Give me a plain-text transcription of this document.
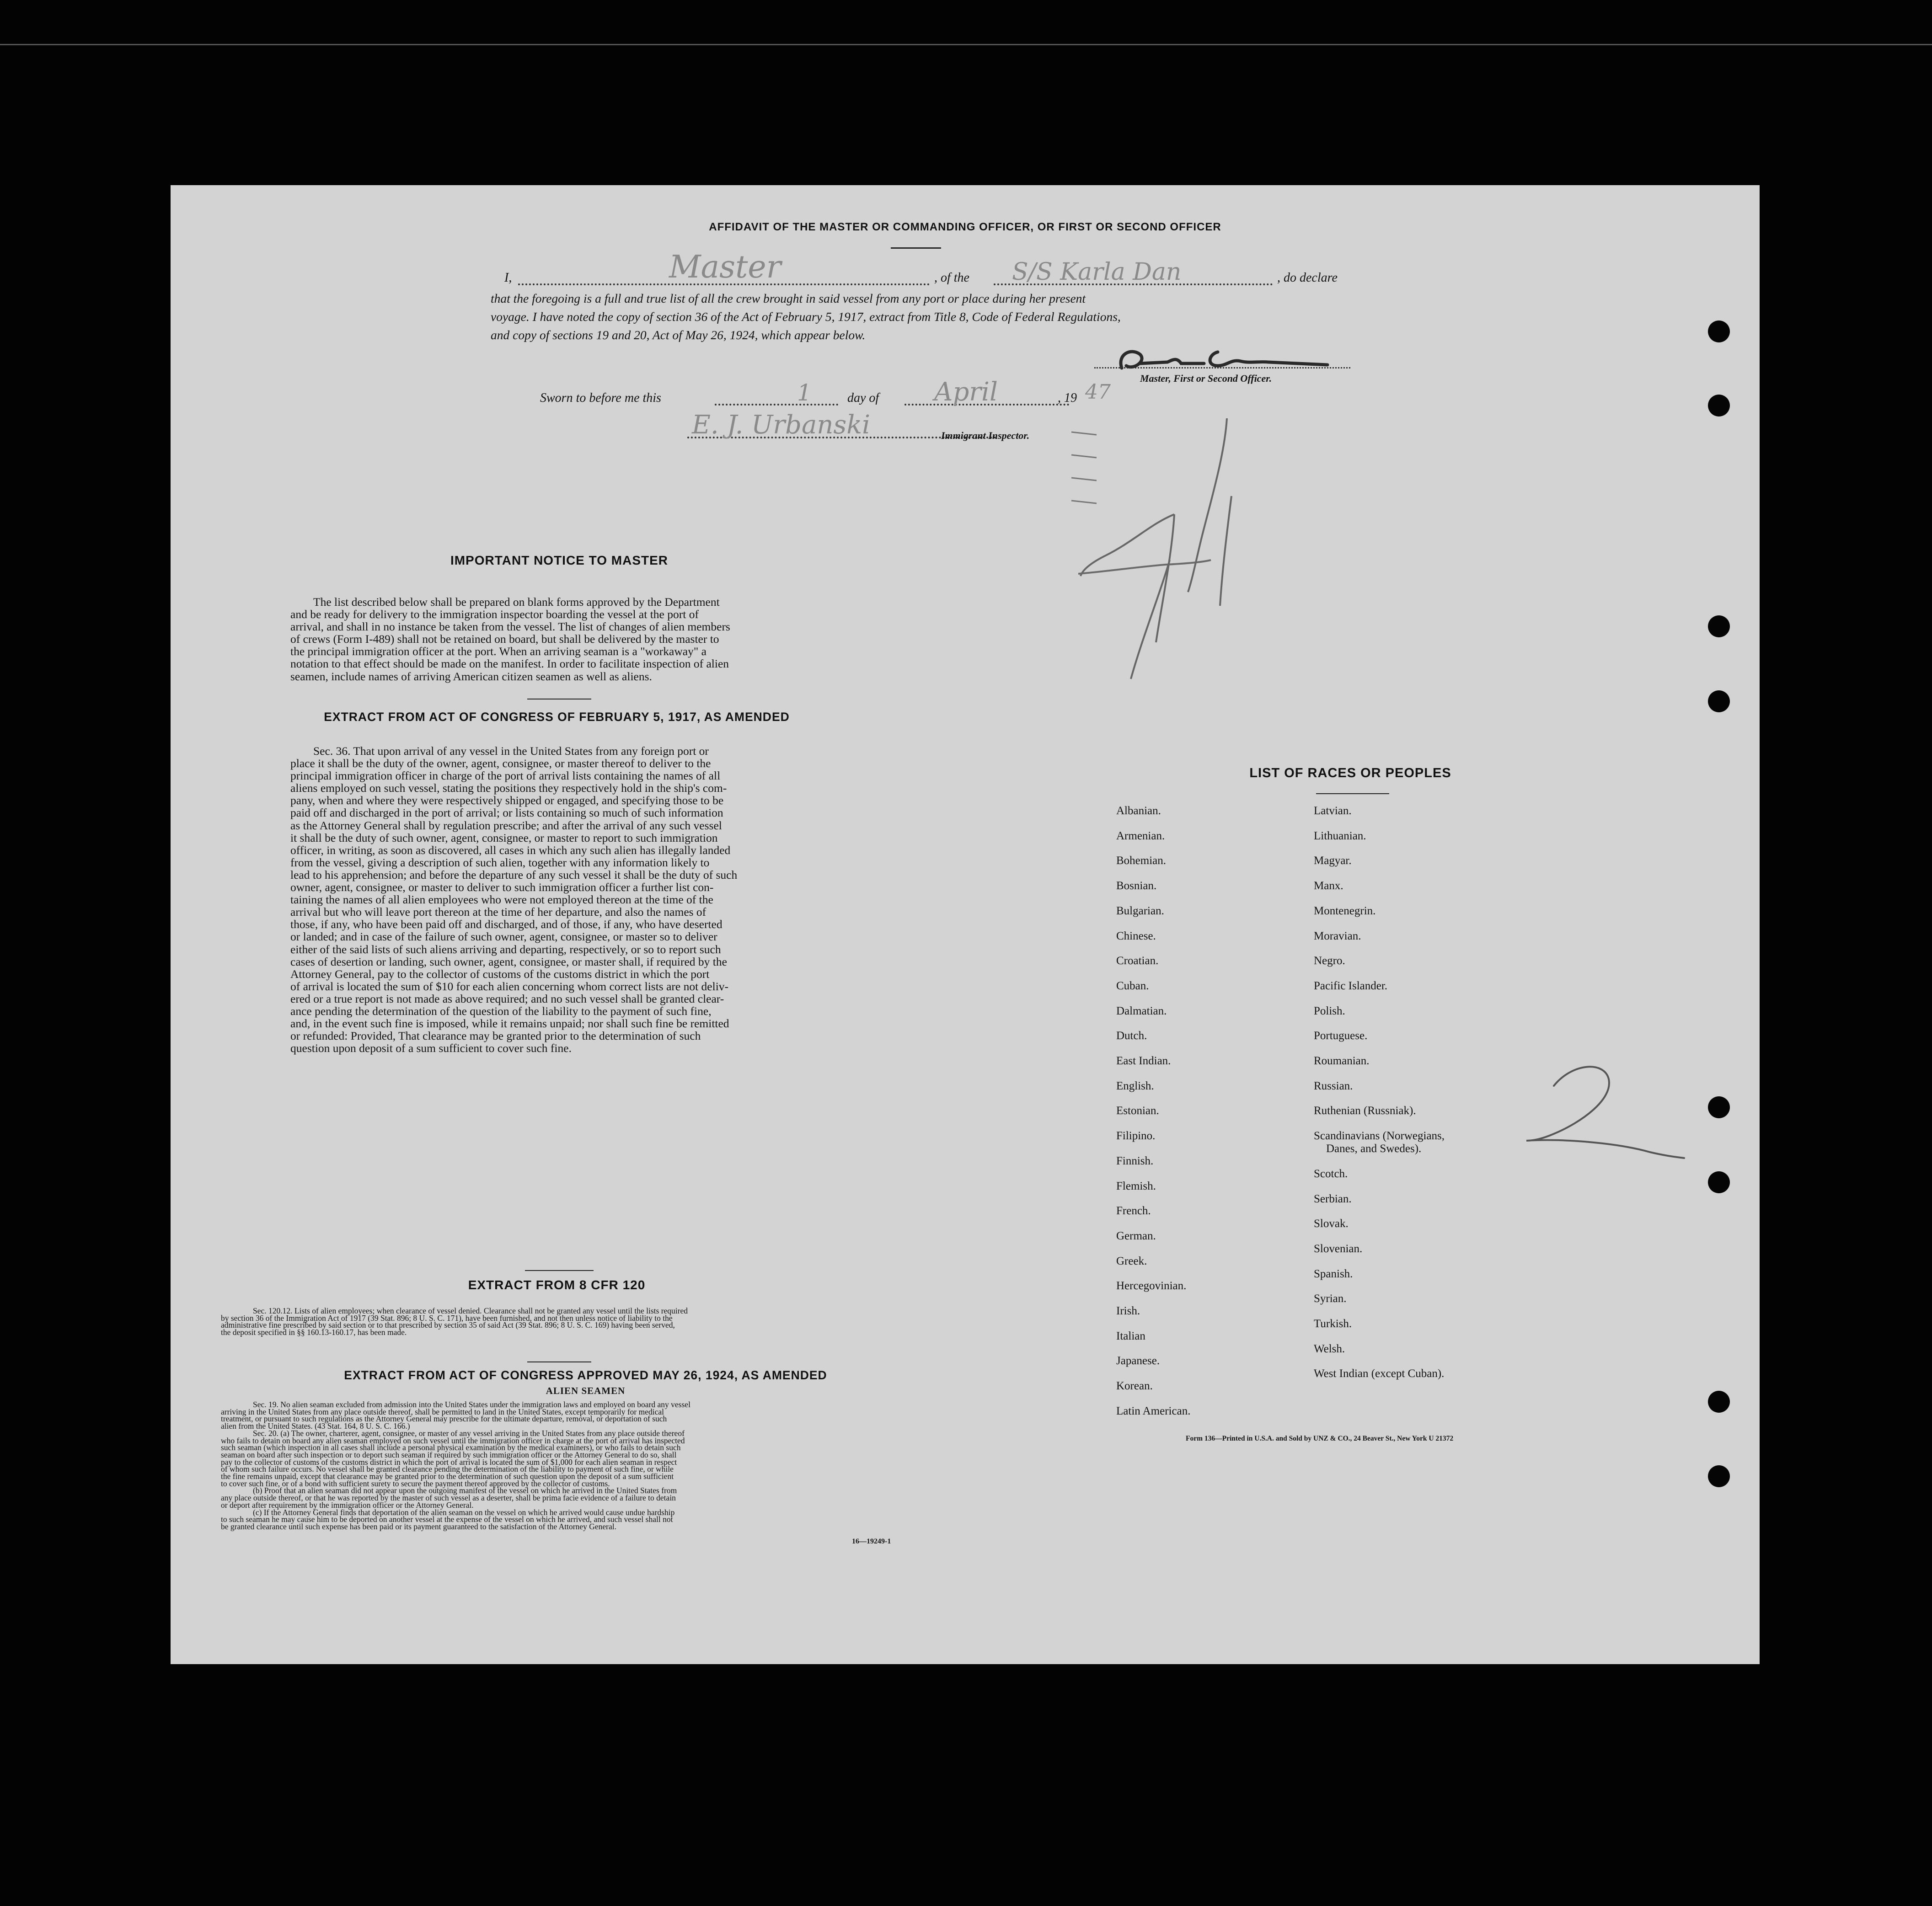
AFFIDAVIT OF THE MASTER OR COMMANDING OFFICER, OR FIRST OR SECOND OFFICER
I,	Master	, of the S/S Karla Dan	, do declare
that the foregoing is a full and true list of all the crew brought in said vessel from any port or place during her present
voyage. I have noted the copy of section 36 of the Act of February 5, 1917, extract from Title 8, Code of Federal Regulations,
and copy of sections 19 and 20, Act of May 26, 1924, which appear below.
Master, First or Second Officer.
Sworn to before me this	1	day of April	, 19 47
E. J. Urbanski	Immigrant Inspector.
IMPORTANT NOTICE TO MASTER
The list described below shall be prepared on blank forms approved by the Department
and be ready for delivery to the immigration inspector boarding the vessel at the port of
arrival, and shall in no instance be taken from the vessel. The list of changes of alien members
of crews (Form I-489) shall not be retained on board, but shall be delivered by the master to
the principal immigration officer at the port. When an arriving seaman is a "workaway" a
notation to that effect should be made on the manifest. In order to facilitate inspection of alien
seamen, include names of arriving American citizen seamen as well as aliens.
EXTRACT FROM ACT OF CONGRESS OF FEBRUARY 5, 1917, AS AMENDED
Sec. 36. That upon arrival of any vessel in the United States from any foreign port or
place it shall be the duty of the owner, agent, consignee, or master thereof to deliver to the
principal immigration officer in charge of the port of arrival lists containing the names of all
aliens employed on such vessel, stating the positions they respectively hold in the ship's com-
pany, when and where they were respectively shipped or engaged, and specifying those to be
paid off and discharged in the port of arrival; or lists containing so much of such information
as the Attorney General shall by regulation prescribe; and after the arrival of any such vessel
it shall be the duty of such owner, agent, consignee, or master to report to such immigration
officer, in writing, as soon as discovered, all cases in which any such alien has illegally landed
from the vessel, giving a description of such alien, together with any information likely to
lead to his apprehension; and before the departure of any such vessel it shall be the duty of such
owner, agent, consignee, or master to deliver to such immigration officer a further list con-
taining the names of all alien employees who were not employed thereon at the time of the
arrival but who will leave port thereon at the time of her departure, and also the names of
those, if any, who have been paid off and discharged, and of those, if any, who have deserted
or landed; and in case of the failure of such owner, agent, consignee, or master so to deliver
either of the said lists of such aliens arriving and departing, respectively, or so to report such
cases of desertion or landing, such owner, agent, consignee, or master shall, if required by the
Attorney General, pay to the collector of customs of the customs district in which the port
of arrival is located the sum of $10 for each alien concerning whom correct lists are not deliv-
ered or a true report is not made as above required; and no such vessel shall be granted clear-
ance pending the determination of the question of the liability to the payment of such fine,
and, in the event such fine is imposed, while it remains unpaid; nor shall such fine be remitted
or refunded: Provided, That clearance may be granted prior to the determination of such
question upon deposit of a sum sufficient to cover such fine.
EXTRACT FROM 8 CFR 120
Sec. 120.12. Lists of alien employees; when clearance of vessel denied. Clearance shall not be granted any vessel until the lists required
by section 36 of the Immigration Act of 1917 (39 Stat. 896; 8 U. S. C. 171), have been furnished, and not then unless notice of liability to the
administrative fine prescribed by said section or to that prescribed by section 35 of said Act (39 Stat. 896; 8 U. S. C. 169) having been served,
the deposit specified in §§ 160.13-160.17, has been made.
EXTRACT FROM ACT OF CONGRESS APPROVED MAY 26, 1924, AS AMENDED
ALIEN SEAMEN
Sec. 19. No alien seaman excluded from admission into the United States under the immigration laws and employed on board any vessel
arriving in the United States from any place outside thereof, shall be permitted to land in the United States, except temporarily for medical
treatment, or pursuant to such regulations as the Attorney General may prescribe for the ultimate departure, removal, or deportation of such
alien from the United States. (43 Stat. 164, 8 U. S. C. 166.)
Sec. 20. (a) The owner, charterer, agent, consignee, or master of any vessel arriving in the United States from any place outside thereof
who fails to detain on board any alien seaman employed on such vessel until the immigration officer in charge at the port of arrival has inspected
such seaman (which inspection in all cases shall include a personal physical examination by the medical examiners), or who fails to detain such
seaman on board after such inspection or to deport such seaman if required by such immigration officer or the Attorney General to do so, shall
pay to the collector of customs of the customs district in which the port of arrival is located the sum of $1,000 for each alien seaman in respect
of whom such failure occurs. No vessel shall be granted clearance pending the determination of the liability to payment of such fine, or while
the fine remains unpaid, except that clearance may be granted prior to the determination of such question upon the deposit of a sum sufficient
to cover such fine, or of a bond with sufficient surety to secure the payment thereof approved by the collector of customs.
(b) Proof that an alien seaman did not appear upon the outgoing manifest of the vessel on which he arrived in the United States from
any place outside thereof, or that he was reported by the master of such vessel as a deserter, shall be prima facie evidence of a failure to detain
or deport after requirement by the immigration officer or the Attorney General.
(c) If the Attorney General finds that deportation of the alien seaman on the vessel on which he arrived would cause undue hardship
to such seaman he may cause him to be deported on another vessel at the expense of the vessel on which he arrived, and such vessel shall not
be granted clearance until such expense has been paid or its payment guaranteed to the satisfaction of the Attorney General.
16—19249-1
LIST OF RACES OR PEOPLES
Albanian.
Armenian.
Bohemian.
Bosnian.
Bulgarian.
Chinese.
Croatian.
Cuban.
Dalmatian.
Dutch.
East Indian.
English.
Estonian.
Filipino.
Finnish.
Flemish.
French.
German.
Greek.
Hercegovinian.
Irish.
Italian
Japanese.
Korean.
Latin American.
Latvian.
Lithuanian.
Magyar.
Manx.
Montenegrin.
Moravian.
Negro.
Pacific Islander.
Polish.
Portuguese.
Roumanian.
Russian.
Ruthenian (Russniak).
Scandinavians (Norwegians,
Danes, and Swedes).
Scotch.
Serbian.
Slovak.
Slovenian.
Spanish.
Syrian.
Turkish.
Welsh.
West Indian (except Cuban).
Form 136—Printed in U.S.A. and Sold by UNZ & CO., 24 Beaver St., New York U 21372
